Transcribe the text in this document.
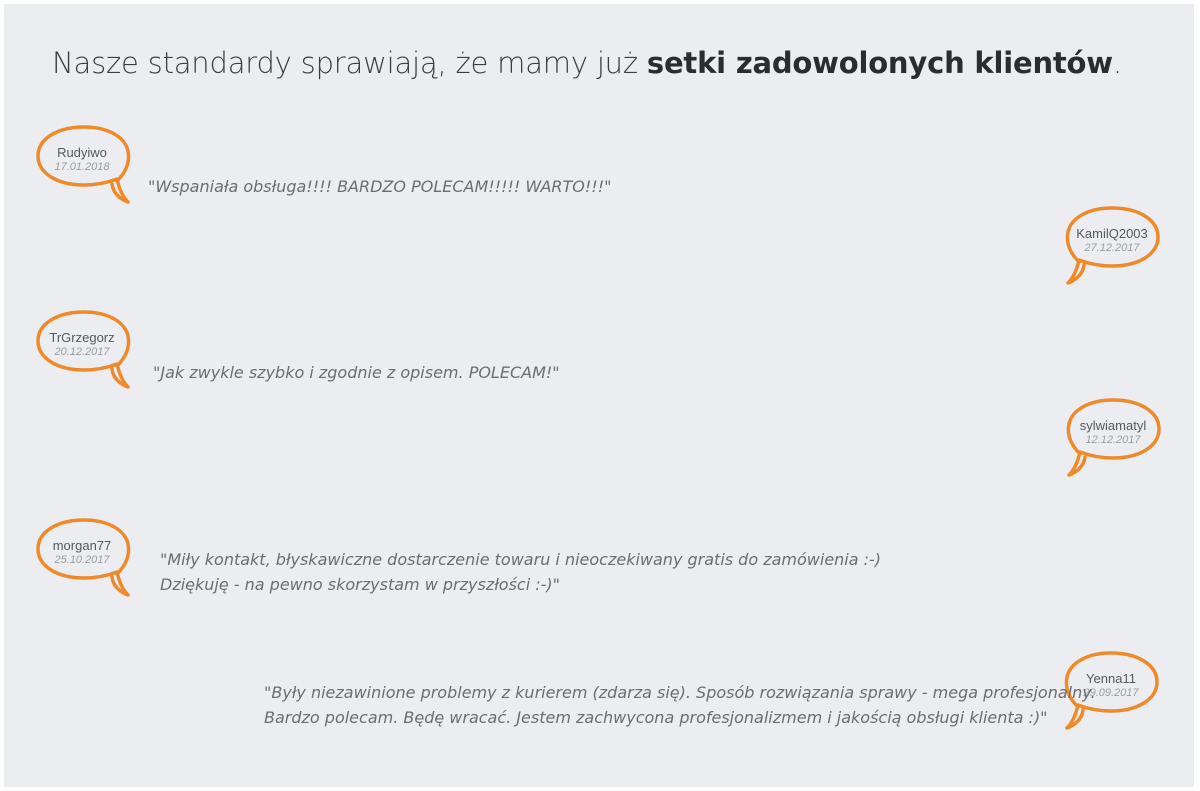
Nasze standardy sprawiają, że mamy już setki zadowolonych klientów.
Rudyiwo
17.01.2018

"Wspaniała obsługa!!!! BARDZO POLECAM!!!!! WARTO!!!"

KamilQ2003
27.12.2017

TrGrzegorz
20.12.2017

"Jak zwykle szybko i zgodnie z opisem. POLECAM!"

sylwiamatyl
12.12.2017

morgan77
25.10.2017	"Miły kontakt, błyskawiczne dostarczenie towaru i nieoczekiwany gratis do zamówienia :-)
Dziękuję - na pewno skorzystam w przyszłości :-)"

Yenna11
29.09.2017

"Były niezawinione problemy z kurierem (zdarza się). Sposób rozwiązania sprawy - mega profesjonalny.
Bardzo polecam. Będę wracać. Jestem zachwycona profesjonalizmem i jakością obsługi klienta :)"
